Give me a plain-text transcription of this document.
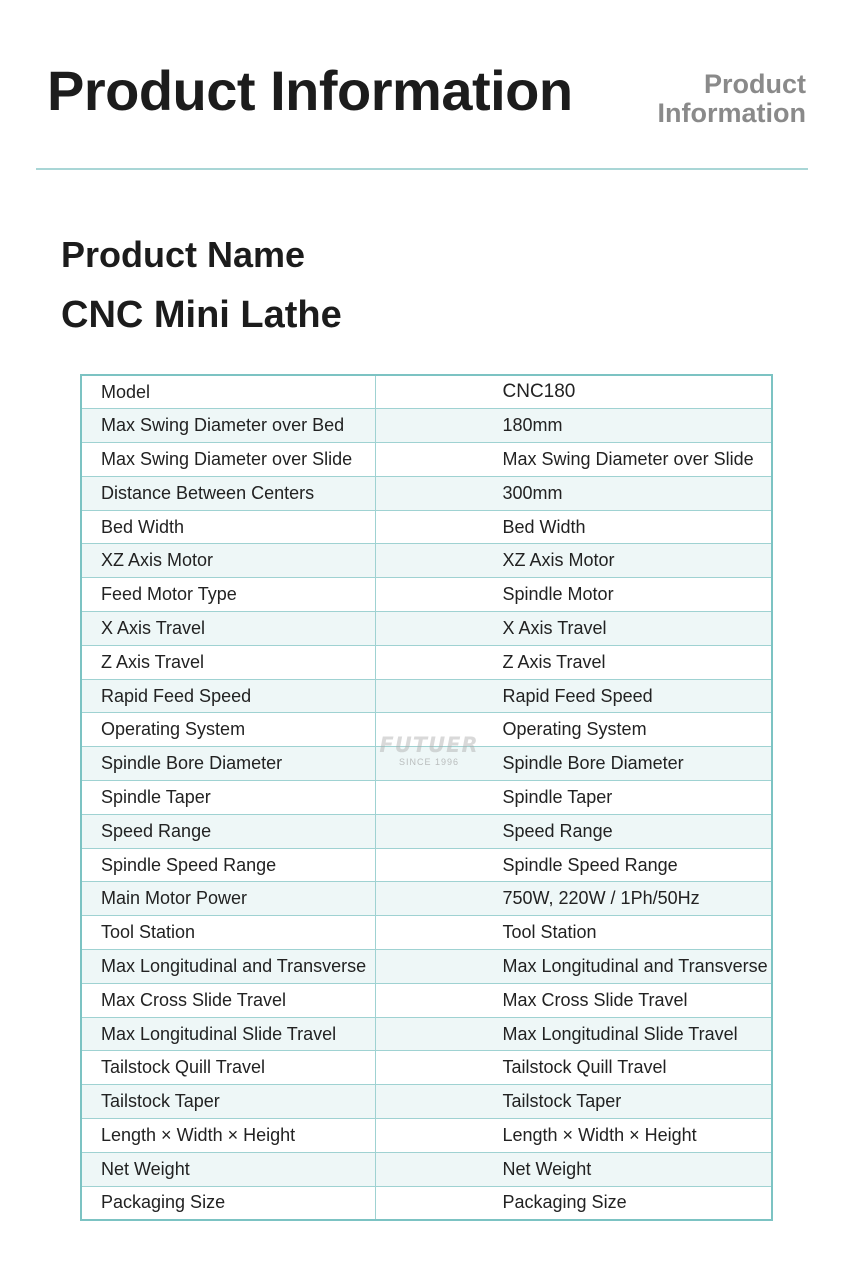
Product Information	Product
Information
Product Name
CNC Mini Lathe
Model	CNC180
Max Swing Diameter over Bed	180mm
Max Swing Diameter over Slide	Max Swing Diameter over Slide
Distance Between Centers	300mm
Bed Width	Bed Width
XZ Axis Motor	XZ Axis Motor
Feed Motor Type	Spindle Motor
X Axis Travel	X Axis Travel
Z Axis Travel	Z Axis Travel
Rapid Feed Speed	Rapid Feed Speed
Operating System	Operating System
Spindle Bore Diameter	Spindle Bore Diameter
Spindle Taper	Spindle Taper
Speed Range	Speed Range
Spindle Speed Range	Spindle Speed Range
Main Motor Power	750W, 220W / 1Ph/50Hz
Tool Station	Tool Station
Max Longitudinal and Transverse	Max Longitudinal and Transverse
Max Cross Slide Travel	Max Cross Slide Travel
Max Longitudinal Slide Travel	Max Longitudinal Slide Travel
Tailstock Quill Travel	Tailstock Quill Travel
Tailstock Taper	Tailstock Taper
Length × Width × Height	Length × Width × Height
Net Weight	Net Weight
Packaging Size	Packaging Size
FUTUER
SINCE 1996
